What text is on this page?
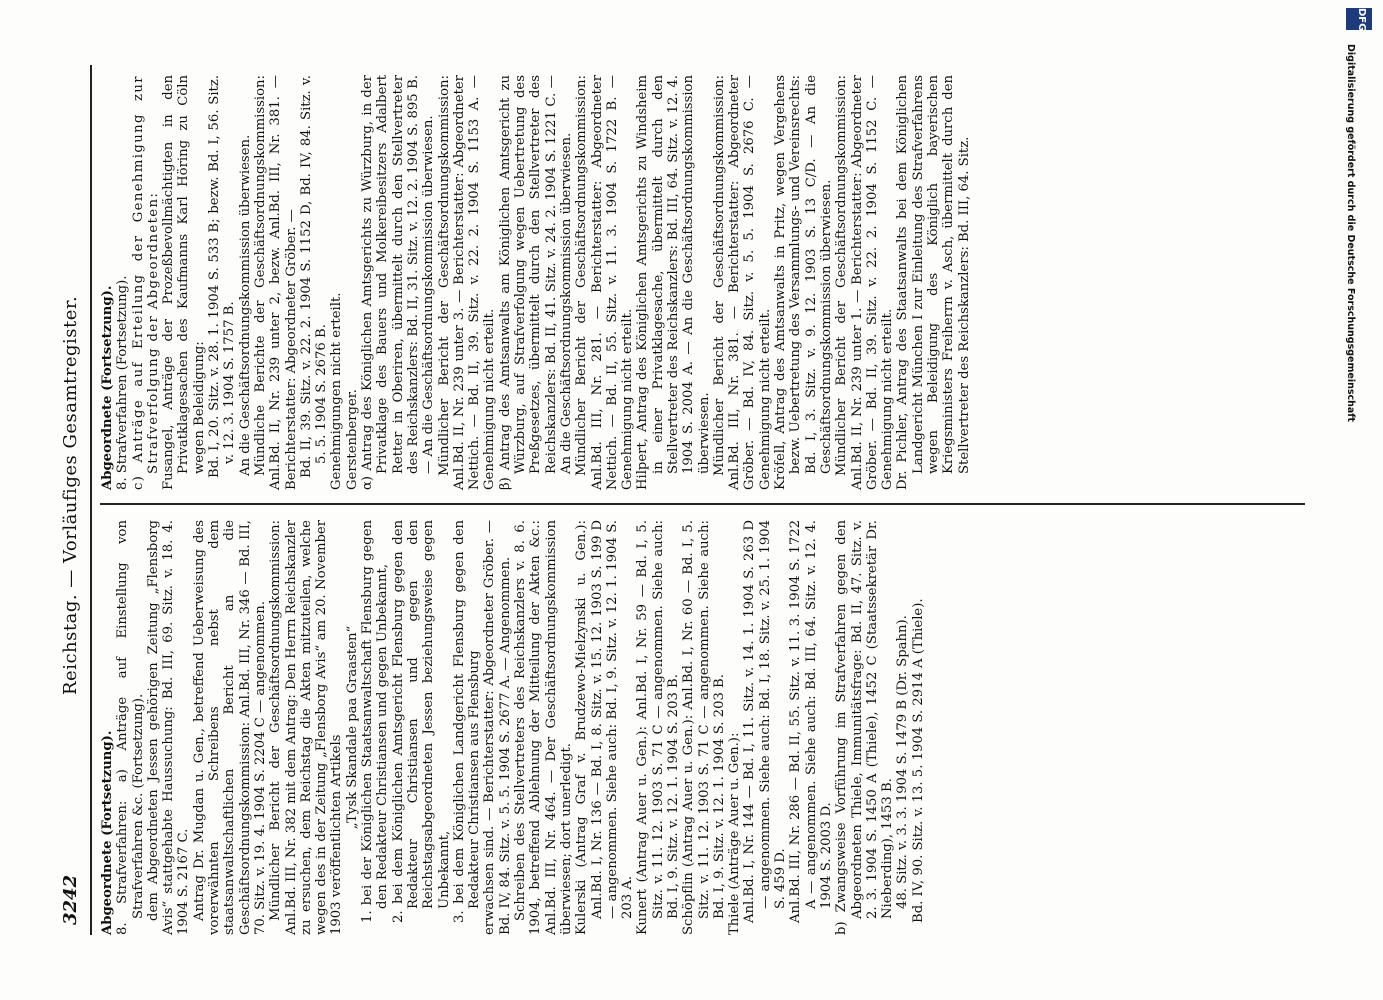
3242
Reichstag. — Vorläufiges Gesamtregister.

Abgeordnete (Fortsetzung). 8. Strafverfahren: a) Anträge auf Einstellung von Strafverfahren &c. (Fortsetzung). dem Abgeordneten Jessen gehörigen Zeitung „Flensborg Avis“ stattgehabte Haussuchung: Bd. III, 69. Sitz. v. 18. 4. 1904 S. 2167 C. Antrag Dr. Mugdan u. Gen., betreffend Ueberweisung des vorerwähnten Schreibens nebst dem staatsanwaltschaftlichen Bericht an die Geschäftsordnungskommission: Anl.Bd. III, Nr. 346 — Bd. III, 70. Sitz. v. 19. 4. 1904 S. 2204 C — angenommen. Mündlicher Bericht der Geschäftsordnungskommission: Anl.Bd. III, Nr. 382 mit dem Antrag: Den Herrn Reichskanzler zu ersuchen, dem Reichstag die Akten mitzuteilen, welche wegen des in der Zeitung „Flensborg Avis“ am 20. November 1903 veröffentlichten Artikels

„Tysk Skandale paa Graasten“ 1. bei der Königlichen Staatsanwaltschaft Flensburg gegen den Redakteur Christiansen und gegen Unbekannt, 2. bei dem Königlichen Amtsgericht Flensburg gegen den Redakteur Christiansen und gegen den Reichstagsabgeordneten Jessen beziehungsweise gegen Unbekannt, 3. bei dem Königlichen Landgericht Flensburg gegen den Redakteur Christiansen aus Flensburg erwachsen sind. — Berichterstatter: Abgeordneter Gröber. — Bd. IV, 84. Sitz. v. 5. 5. 1904 S. 2677 A. — Angenommen. Schreiben des Stellvertreters des Reichskanzlers v. 8. 6. 1904, betreffend Ablehnung der Mitteilung der Akten &c.: Anl.Bd. III, Nr. 464. — Der Geschäftsordnungskommission überwiesen; dort unerledigt. Kulerski (Antrag Graf v. Brudzewo-Mielzynski u. Gen.): Anl.Bd. I, Nr. 136 — Bd. I, 8. Sitz. v. 15. 12. 1903 S. 199 D — angenommen. Siehe auch: Bd. I, 9. Sitz. v. 12. 1. 1904 S. 203 A. Kunert (Antrag Auer u. Gen.): Anl.Bd. I, Nr. 59 — Bd. I, 5. Sitz. v. 11. 12. 1903 S. 71 C — angenommen. Siehe auch: Bd. I, 9. Sitz. v. 12. 1. 1904 S. 203 B. Schöpflin (Antrag Auer u. Gen.): Anl.Bd. I, Nr. 60 — Bd. I, 5. Sitz. v. 11. 12. 1903 S. 71 C — angenommen. Siehe auch: Bd. I, 9. Sitz. v. 12. 1. 1904 S. 203 B. Thiele (Anträge Auer u. Gen.): Anl.Bd. I, Nr. 144 — Bd. I, 11. Sitz. v. 14. 1. 1904 S. 263 D — angenommen. Siehe auch: Bd. I, 18. Sitz. v. 25. 1. 1904 S. 459 D. Anl.Bd. III, Nr. 286 — Bd. II, 55. Sitz. v. 11. 3. 1904 S. 1722 A — angenommen. Siehe auch: Bd. III, 64. Sitz. v. 12. 4. 1904 S. 2003 D. b) Zwangsweise Vorführung im Strafverfahren gegen den Abgeordneten Thiele, Immunitätsfrage: Bd. II, 47. Sitz. v. 2. 3. 1904 S. 1450 A (Thiele), 1452 C (Staatssekretär Dr. Nieberding), 1453 B. 48. Sitz. v. 3. 3. 1904 S. 1479 B (Dr. Spahn). Bd. IV, 90. Sitz. v. 13. 5. 1904 S. 2914 A (Thiele).

Abgeordnete (Fortsetzung). 8. Strafverfahren (Fortsetzung). c) Anträge auf Erteilung der Genehmigung zur Strafverfolgung der Abgeordneten: Fusangel, Anträge der Prozeßbevollmächtigten in den Privatklagesachen des Kaufmanns Karl Höring zu Cöln wegen Beleidigung: Bd. I, 20. Sitz. v. 28. 1. 1904 S. 533 B; bezw. Bd. I, 56. Sitz. v. 12. 3. 1904 S. 1757 B. An die Geschäftsordnungskommission überwiesen. Mündliche Berichte der Geschäftsordnungskommission: Anl.Bd. II, Nr. 239 unter 2, bezw. Anl.Bd. III, Nr. 381. — Berichterstatter: Abgeordneter Gröber. — Bd. II, 39. Sitz. v. 22. 2. 1904 S. 1152 D, Bd. IV, 84. Sitz. v. 5. 5. 1904 S. 2676 B. Genehmigungen nicht erteilt. Gerstenberger. α) Antrag des Königlichen Amtsgerichts zu Würzburg, in der Privatklage des Bauers und Molkereibesitzers Adalbert Retter in Oberiren, übermittelt durch den Stellvertreter des Reichskanzlers: Bd. II, 31. Sitz. v. 12. 2. 1904 S. 895 B. — An die Geschäftsordnungskommission überwiesen. Mündlicher Bericht der Geschäftsordnungskommission: Anl.Bd. II, Nr. 239 unter 3. — Berichterstatter: Abgeordneter Nettich. — Bd. II, 39. Sitz. v. 22. 2. 1904 S. 1153 A. — Genehmigung nicht erteilt. β) Antrag des Amtsanwalts am Königlichen Amtsgericht zu Würzburg, auf Strafverfolgung wegen Uebertretung des Preßgesetzes, übermittelt durch den Stellvertreter des Reichskanzlers: Bd. II, 41. Sitz. v. 24. 2. 1904 S. 1221 C. — An die Geschäftsordnungskommission überwiesen. Mündlicher Bericht der Geschäftsordnungskommission: Anl.Bd. III, Nr. 281. — Berichterstatter: Abgeordneter Nettich. — Bd. II, 55. Sitz. v. 11. 3. 1904 S. 1722 B. — Genehmigung nicht erteilt. Hilpert, Antrag des Königlichen Amtsgerichts zu Windsheim in einer Privatklagesache, übermittelt durch den Stellvertreter des Reichskanzlers: Bd. III, 64. Sitz. v. 12. 4. 1904 S. 2004 A. — An die Geschäftsordnungskommission überwiesen. Mündlicher Bericht der Geschäftsordnungskommission: Anl.Bd. III, Nr. 381. — Berichterstatter: Abgeordneter Gröber. — Bd. IV, 84. Sitz. v. 5. 5. 1904 S. 2676 C. — Genehmigung nicht erteilt. Kröfell, Antrag des Amtsanwalts in Pritz, wegen Vergehens bezw. Uebertretung des Versammlungs- und Vereinsrechts: Bd. I, 3. Sitz. v. 9. 12. 1903 S. 13 C/D. — An die Geschäftsordnungskommission überwiesen. Mündlicher Bericht der Geschäftsordnungskommission: Anl.Bd. II, Nr. 239 unter 1. — Berichterstatter: Abgeordneter Gröber. — Bd. II, 39. Sitz. v. 22. 2. 1904 S. 1152 C. — Genehmigung nicht erteilt. Dr. Pichler, Antrag des Staatsanwalts bei dem Königlichen Landgericht München I zur Einleitung des Strafverfahrens wegen Beleidigung des Königlich bayerischen Kriegsministers Freiherrn v. Asch, übermittelt durch den Stellvertreter des Reichskanzlers: Bd. III, 64. Sitz.

DFG
Digitalisierung gefördert durch die Deutsche Forschungsgemeinschaft
